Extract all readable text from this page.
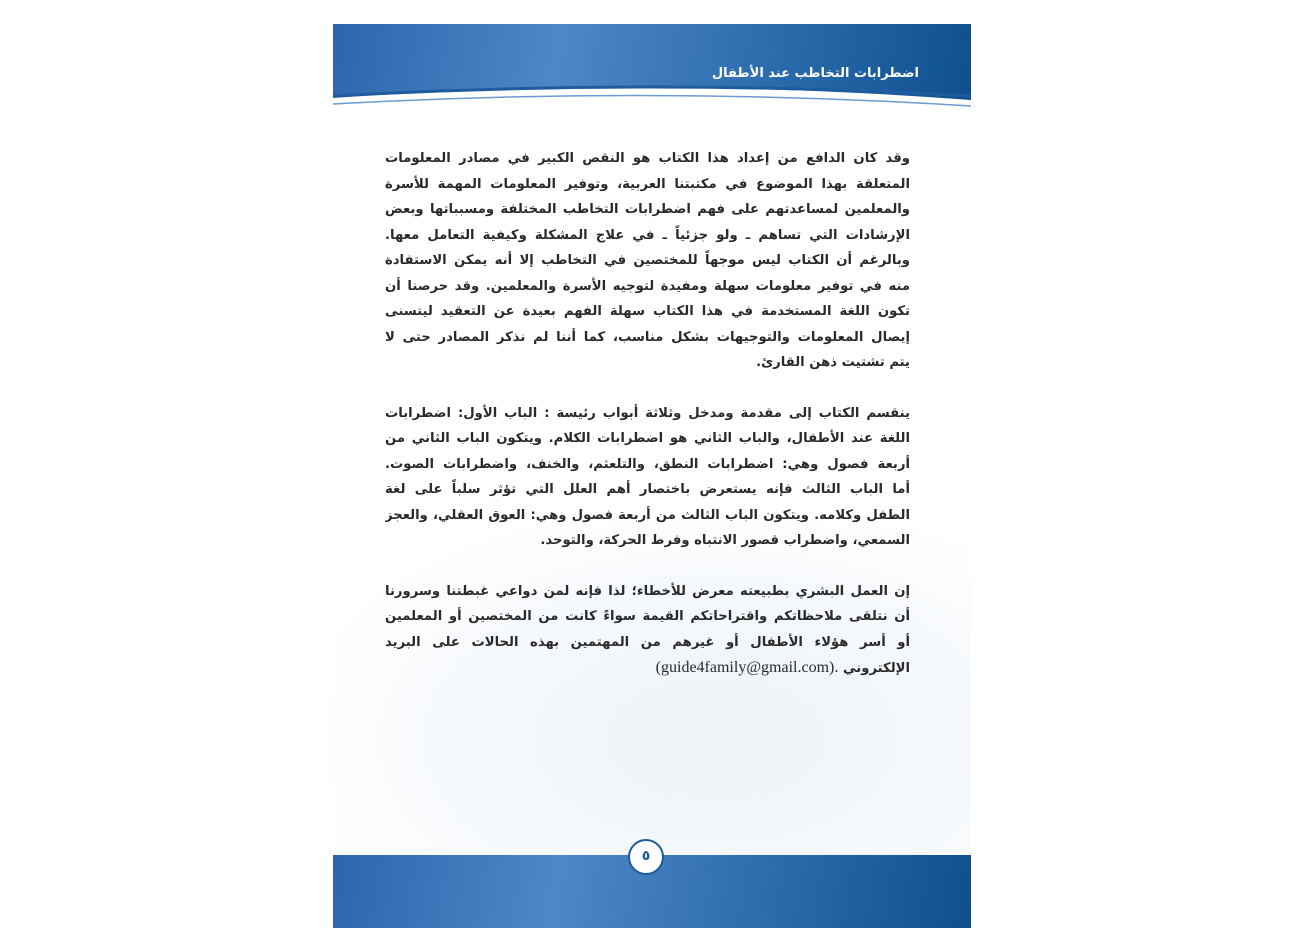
اضطرابات التخاطب عند الأطفال
وقد كان الدافع من إعداد هذا الكتاب هو النقص الكبير في مصادر المعلومات
المتعلقة بهذا الموضوع في مكتبتنا العربية، وتوفير المعلومات المهمة للأسرة
والمعلمين لمساعدتهم على فهم اضطرابات التخاطب المختلفة ومسبباتها وبعض
الإرشادات التي تساهم ـ ولو جزئياً ـ في علاج المشكلة وكيفية التعامل معها.
وبالرغم أن الكتاب ليس موجهاً للمختصين في التخاطب إلا أنه يمكن الاستفادة
منه في توفير معلومات سهلة ومفيدة لتوجيه الأسرة والمعلمين. وقد حرصنا أن
تكون اللغة المستخدمة في هذا الكتاب سهلة الفهم بعيدة عن التعقيد ليتسنى
إيصال المعلومات والتوجيهات بشكل مناسب، كما أننا لم نذكر المصادر حتى لا
يتم تشتيت ذهن القارئ.
ينقسم الكتاب إلى مقدمة ومدخل وثلاثة أبواب رئيسة : الباب الأول: اضطرابات
اللغة عند الأطفال، والباب الثاني هو اضطرابات الكلام. ويتكون الباب الثاني من
أربعة فصول وهي: اضطرابات النطق، والتلعثم، والخنف، واضطرابات الصوت.
أما الباب الثالث فإنه يستعرض باختصار أهم العلل التي تؤثر سلباً على لغة
الطفل وكلامه. ويتكون الباب الثالث من أربعة فصول وهي: العوق العقلي، والعجز
السمعي، واضطراب قصور الانتباه وفرط الحركة، والتوحد.
إن العمل البشري بطبيعته معرض للأخطاء؛ لذا فإنه لمن دواعي غبطتنا وسرورنا
أن نتلقى ملاحظاتكم واقتراحاتكم القيمة سواءً كانت من المختصين أو المعلمين
أو أسر هؤلاء الأطفال أو غيرهم من المهتمين بهذه الحالات على البريد
الإلكتروني (guide4family@gmail.com).
٥
